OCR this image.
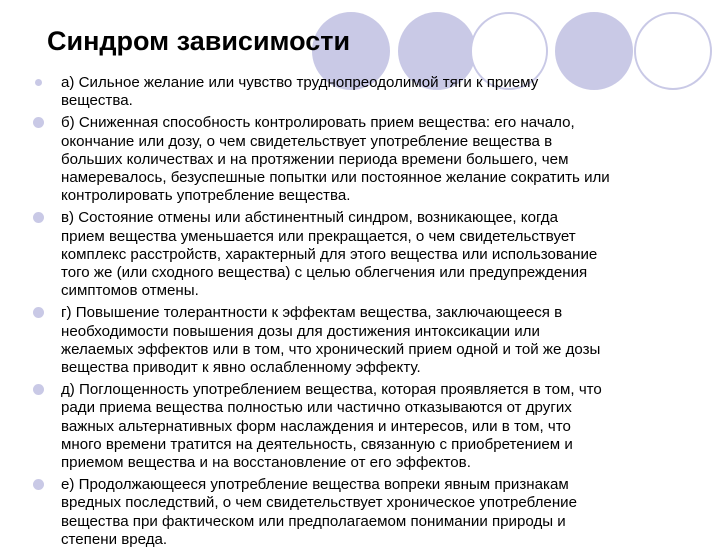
Синдром зависимости
а) Сильное желание или чувство труднопреодолимой тяги к приему
вещества.
б) Сниженная способность контролировать прием вещества: его начало,
окончание или дозу, о чем свидетельствует употребление вещества в
больших количествах и на протяжении периода времени большего, чем
намеревалось, безуспешные попытки или постоянное желание сократить или
контролировать употребление вещества.
в) Состояние отмены или абстинентный синдром, возникающее, когда
прием вещества уменьшается или прекращается, о чем свидетельствует
комплекс расстройств, характерный для этого вещества или использование
того же (или сходного вещества) с целью облегчения или предупреждения
симптомов отмены.
г) Повышение толерантности к эффектам вещества, заключающееся в
необходимости повышения дозы для достижения интоксикации или
желаемых эффектов или в том, что хронический прием одной и той же дозы
вещества приводит к явно ослабленному эффекту.
д) Поглощенность употреблением вещества, которая проявляется в том, что
ради приема вещества полностью или частично отказываются от других
важных альтернативных форм наслаждения и интересов, или в том, что
много времени тратится на деятельность, связанную с приобретением и
приемом вещества и на восстановление от его эффектов.
е) Продолжающееся употребление вещества вопреки явным признакам
вредных последствий, о чем свидетельствует хроническое употребление
вещества при фактическом или предполагаемом понимании природы и
степени вреда.
